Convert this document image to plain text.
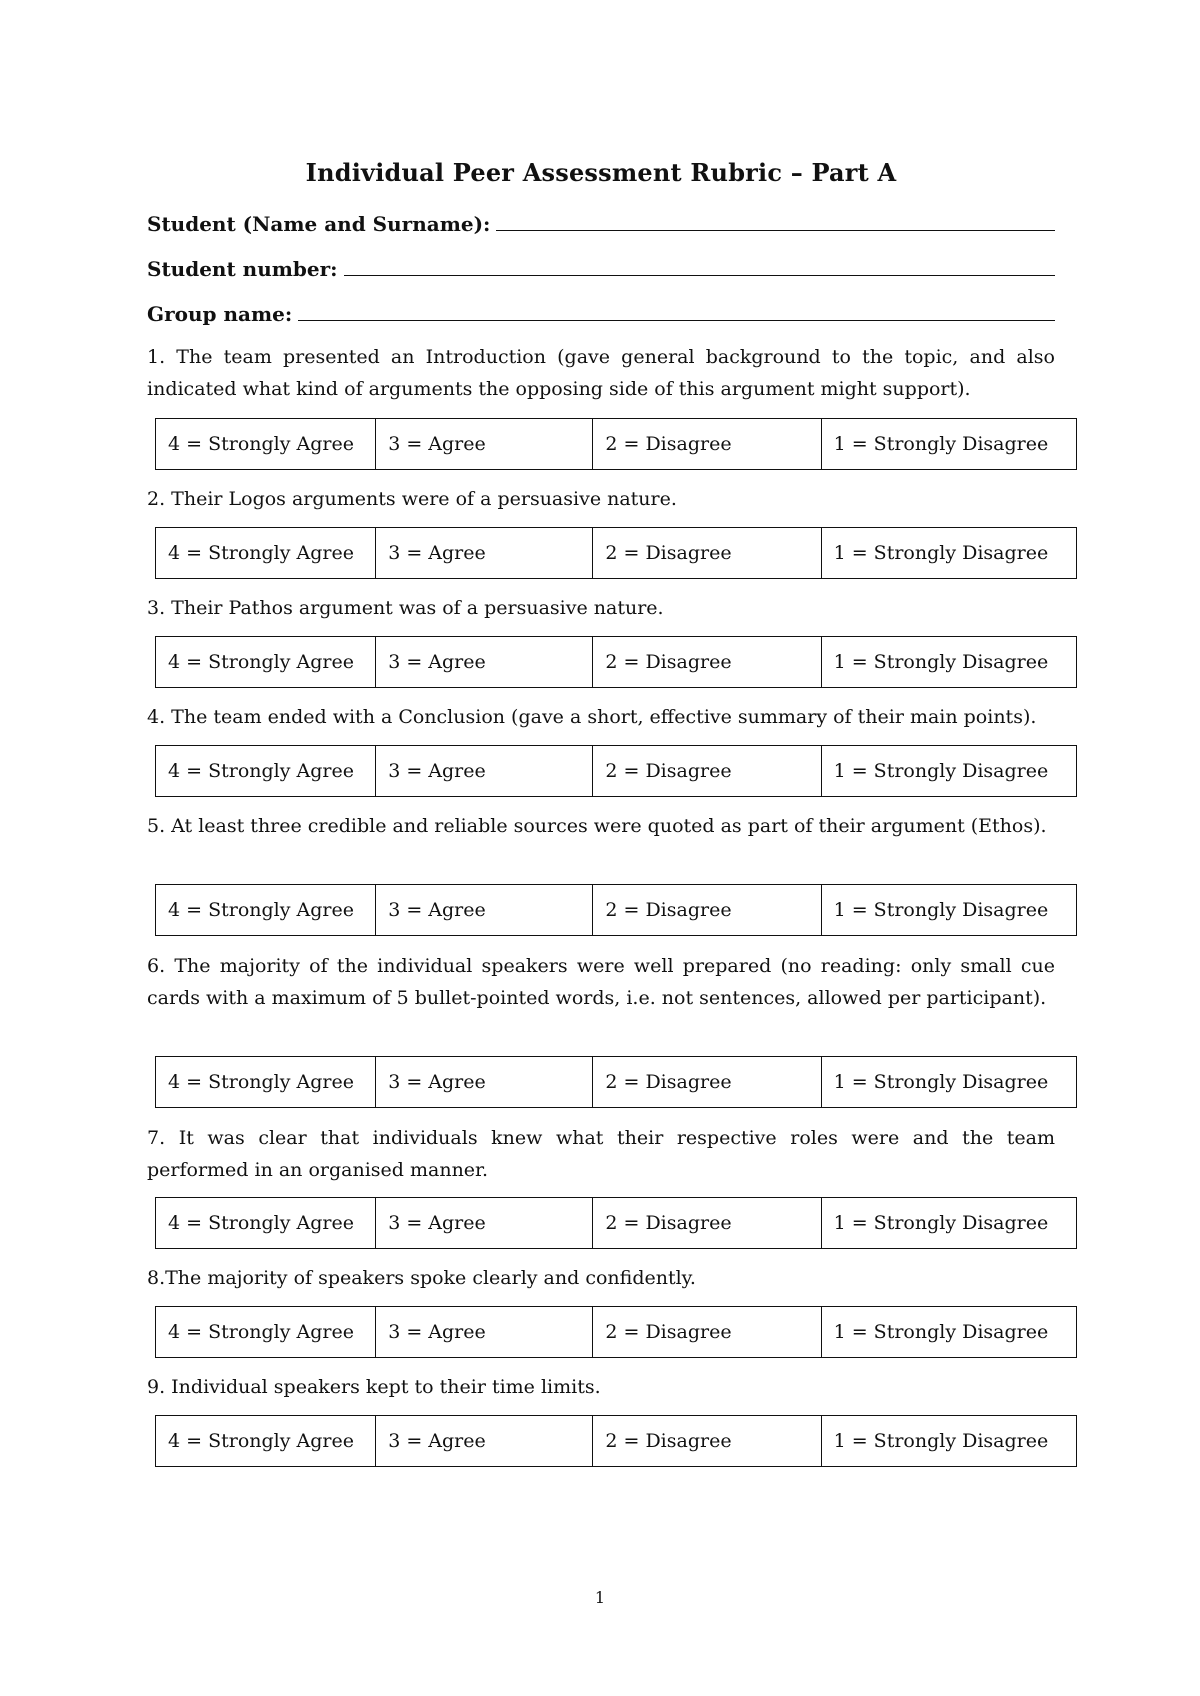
Individual Peer Assessment Rubric – Part A
Student (Name and Surname):
Student number:
Group name:
1. The team presented an Introduction (gave general background to the topic, and also indicated what kind of arguments the opposing side of this argument might support).
4 = Strongly Agree	3 = Agree	2 = Disagree	1 = Strongly Disagree
2. Their Logos arguments were of a persuasive nature.
4 = Strongly Agree	3 = Agree	2 = Disagree	1 = Strongly Disagree
3. Their Pathos argument was of a persuasive nature.
4 = Strongly Agree	3 = Agree	2 = Disagree	1 = Strongly Disagree
4. The team ended with a Conclusion (gave a short, effective summary of their main points).
4 = Strongly Agree	3 = Agree	2 = Disagree	1 = Strongly Disagree
5. At least three credible and reliable sources were quoted as part of their argument (Ethos).
4 = Strongly Agree	3 = Agree	2 = Disagree	1 = Strongly Disagree
6. The majority of the individual speakers were well prepared (no reading: only small cue cards with a maximum of 5 bullet-pointed words, i.e. not sentences, allowed per participant).
4 = Strongly Agree	3 = Agree	2 = Disagree	1 = Strongly Disagree
7. It was clear that individuals knew what their respective roles were and the team performed in an organised manner.
4 = Strongly Agree	3 = Agree	2 = Disagree	1 = Strongly Disagree
8.The majority of speakers spoke clearly and confidently.
4 = Strongly Agree	3 = Agree	2 = Disagree	1 = Strongly Disagree
9. Individual speakers kept to their time limits.
4 = Strongly Agree	3 = Agree	2 = Disagree	1 = Strongly Disagree
1
